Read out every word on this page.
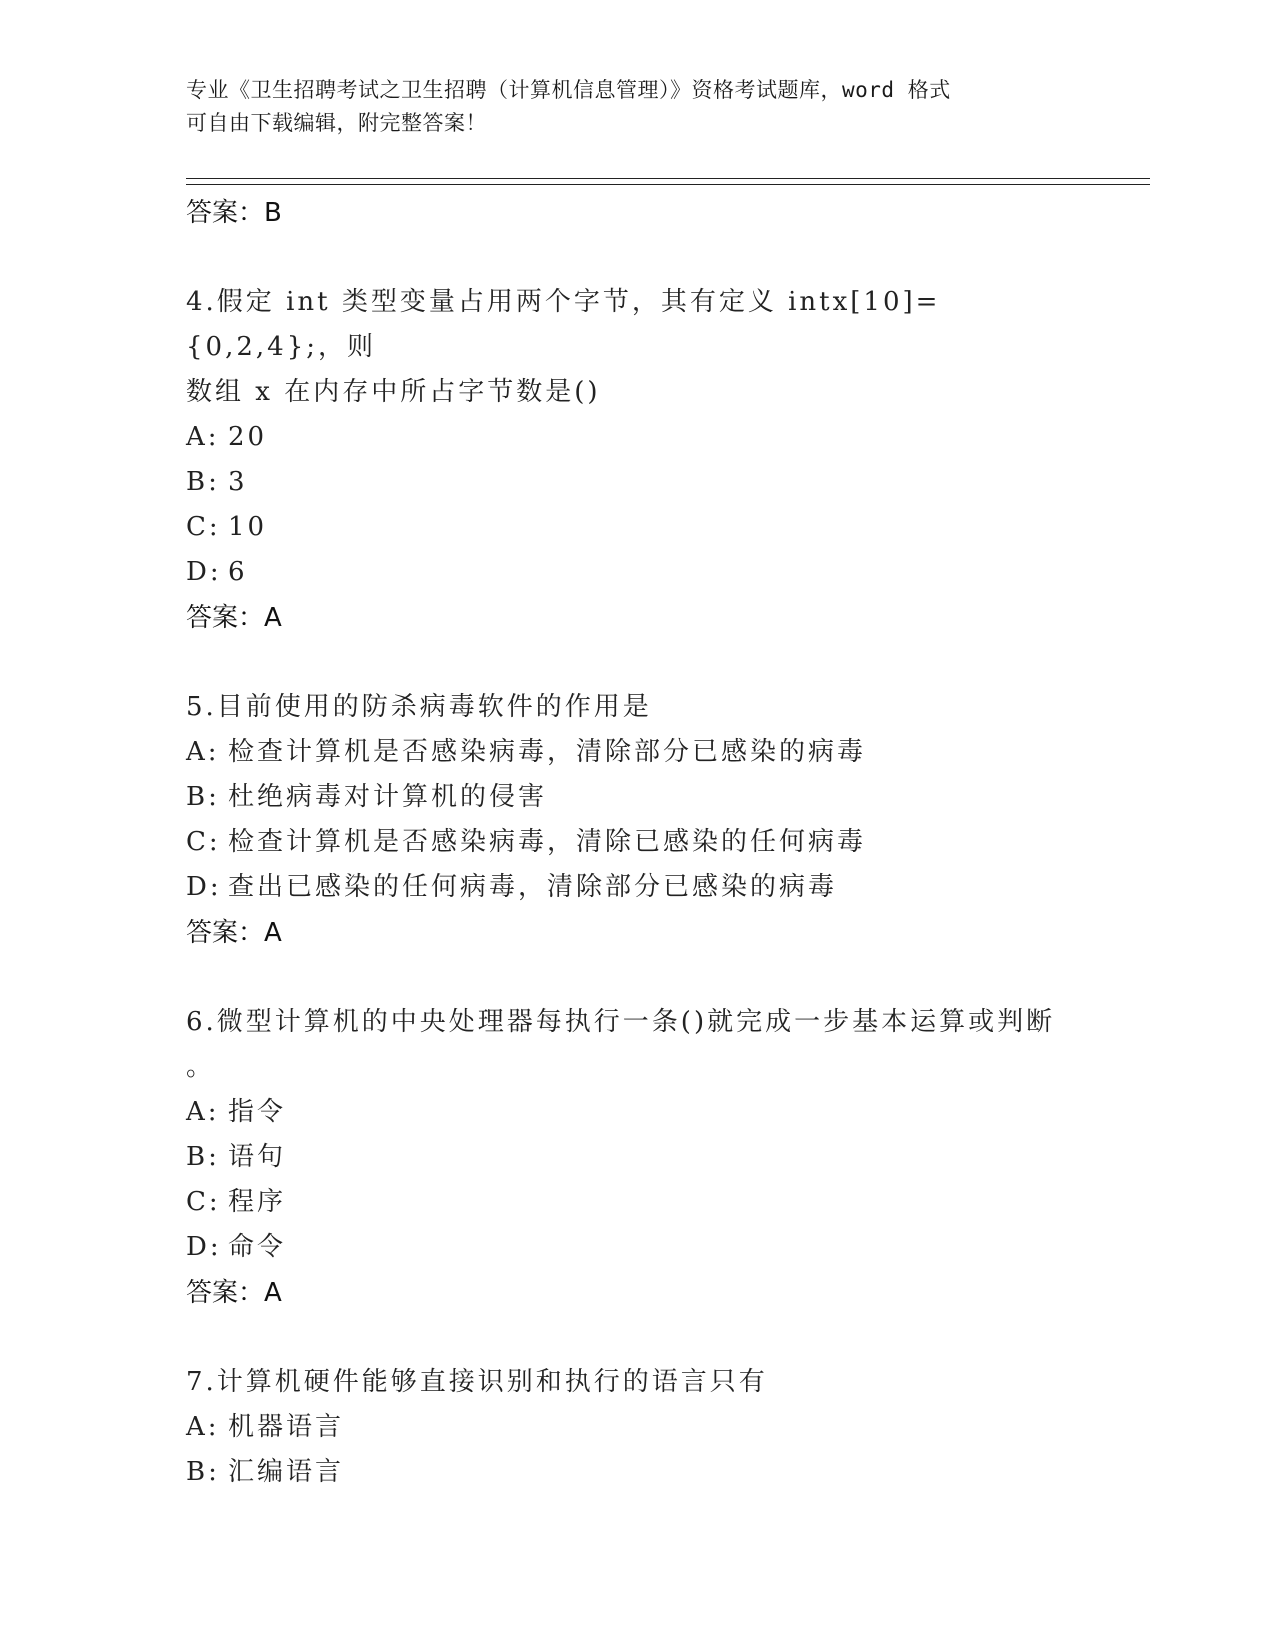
专业《卫生招聘考试之卫生招聘（计算机信息管理）》资格考试题库，word 格式
可自由下载编辑，附完整答案！
答案：B
4.假定 int 类型变量占用两个字节，其有定义 intx[10]={0,2,4};，则
数组 x 在内存中所占字节数是()
A: 20
B: 3
C: 10
D: 6
答案：A
5.目前使用的防杀病毒软件的作用是
A: 检查计算机是否感染病毒，清除部分已感染的病毒
B: 杜绝病毒对计算机的侵害
C: 检查计算机是否感染病毒，清除已感染的任何病毒
D: 查出已感染的任何病毒，清除部分已感染的病毒
答案：A
6.微型计算机的中央处理器每执行一条()就完成一步基本运算或判断
。
A: 指令
B: 语句
C: 程序
D: 命令
答案：A
7.计算机硬件能够直接识别和执行的语言只有
A: 机器语言
B: 汇编语言
